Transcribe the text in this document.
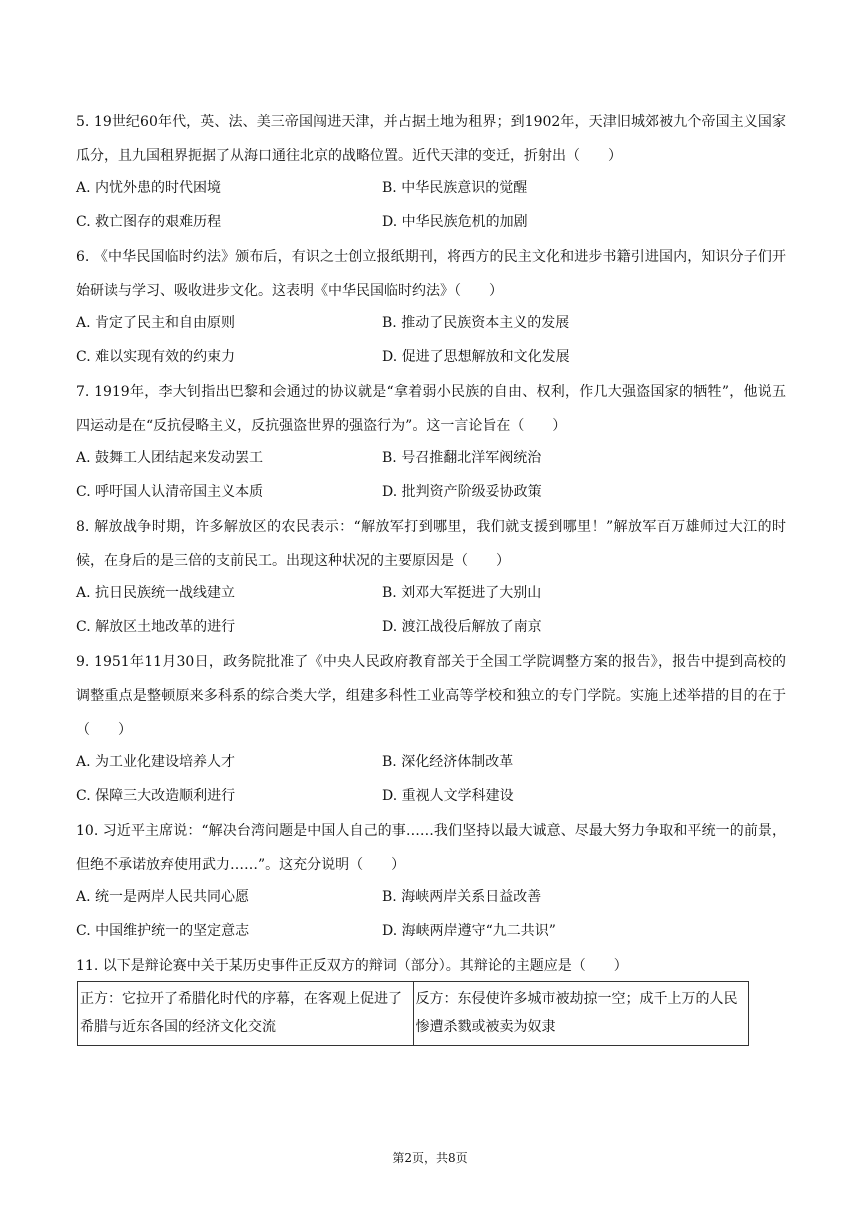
5. 19世纪60年代，英、法、美三帝国闯进天津，并占据土地为租界；到1902年，天津旧城郊被九个帝国主义国家瓜分，且九国租界扼据了从海口通往北京的战略位置。近代天津的变迁，折射出（　　）

A. 内忧外患的时代困境	B. 中华民族意识的觉醒

C. 救亡图存的艰难历程	D. 中华民族危机的加剧

6. 《中华民国临时约法》颁布后，有识之士创立报纸期刊，将西方的民主文化和进步书籍引进国内，知识分子们开始研读与学习、吸收进步文化。这表明《中华民国临时约法》（　　）

A. 肯定了民主和自由原则	B. 推动了民族资本主义的发展

C. 难以实现有效的约束力	D. 促进了思想解放和文化发展

7. 1919年，李大钊指出巴黎和会通过的协议就是“拿着弱小民族的自由、权利，作几大强盗国家的牺牲”，他说五四运动是在“反抗侵略主义，反抗强盗世界的强盗行为”。这一言论旨在（　　）

A. 鼓舞工人团结起来发动罢工	B. 号召推翻北洋军阀统治

C. 呼吁国人认清帝国主义本质	D. 批判资产阶级妥协政策

8. 解放战争时期，许多解放区的农民表示：“解放军打到哪里，我们就支援到哪里！”解放军百万雄师过大江的时候，在身后的是三倍的支前民工。出现这种状况的主要原因是（　　）

A. 抗日民族统一战线建立	B. 刘邓大军挺进了大别山

C. 解放区土地改革的进行	D. 渡江战役后解放了南京

9. 1951年11月30日，政务院批准了《中央人民政府教育部关于全国工学院调整方案的报告》，报告中提到高校的调整重点是整顿原来多科系的综合类大学，组建多科性工业高等学校和独立的专门学院。实施上述举措的目的在于（　　）

A. 为工业化建设培养人才	B. 深化经济体制改革

C. 保障三大改造顺利进行	D. 重视人文学科建设

10. 习近平主席说：“解决台湾问题是中国人自己的事……我们坚持以最大诚意、尽最大努力争取和平统一的前景，但绝不承诺放弃使用武力……”。这充分说明（　　）

A. 统一是两岸人民共同心愿	B. 海峡两岸关系日益改善

C. 中国维护统一的坚定意志	D. 海峡两岸遵守“九二共识”

11. 以下是辩论赛中关于某历史事件正反双方的辩词（部分）。其辩论的主题应是（　　）

正方：它拉开了希腊化时代的序幕，在客观上促进了希腊与近东各国的经济文化交流	反方：东侵使许多城市被劫掠一空；成千上万的人民惨遭杀戮或被卖为奴隶
第2页，共8页
